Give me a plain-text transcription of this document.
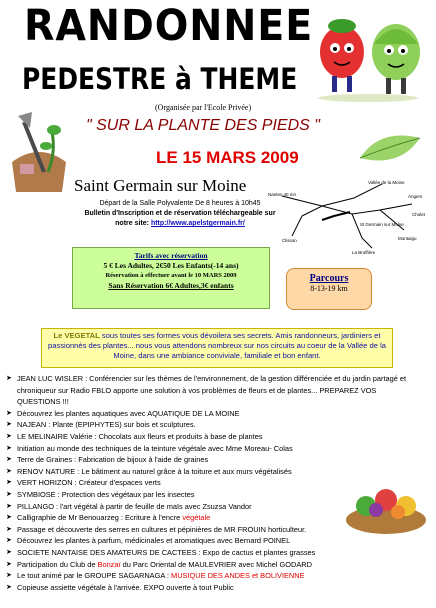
RANDONNEE
PEDESTRE à THEME
(Organisée par l'Ecole Privée)
" SUR LA PLANTE DES PIEDS "
LE 15 MARS 2009
Saint Germain sur Moine
Départ de la Salle Polyvalente De 8 heures à 10h45
Bulletin d'Inscription et de réservation téléchargeable sur
notre site: http://www.apelstgermain.fr/
Vallée de la Moine
Nantes 40 mn	Angers
Cholet
St Germain sur Moine
Clisson
La Bruffière
Montaigu
Tarifs avec réservation
5 € Les Adultes, 2€50 Les Enfants(-14 ans)
Réservation à effectuer avant le 10 MARS 2009
Sans Réservation 6€ Adultes,3€ enfants
Parcours
8-13-19 km
Le VEGETAL sous toutes ses formes vous dévoilera ses secrets. Amis randonneurs, jardiniers et passionnés des plantes... nous vous attendons nombreux sur nos circuits au coeur de la Vallée de la Moine, dans une ambiance conviviale, familiale et bon enfant.
➤ JEAN LUC WISLER : Conférencier sur les thèmes de l'environnement, de la gestion différenciée et du jardin partagé et chroniqueur sur Radio FBLO apporte une solution à vos problèmes de fleurs et de plantes... PREPAREZ VOS QUESTIONS !!!
➤ Découvrez les plantes aquatiques avec AQUATIQUE DE LA MOINE
➤ NAJEAN : Plante (EPIPHYTES) sur bois et sculptures.
➤ LE MELINAIRE Valérie : Chocolats aux fleurs et produits à base de plantes
➤ Initiation au monde des techniques de la teinture végétale avec Mme Moreau- Colas
➤ Terre de Graines : Fabrication de bijoux à l'aide de graines
➤ RENOV NATURE : Le bâtiment au naturel grâce à la toiture et aux murs végétalisés
➤ VERT HORIZON : Créateur d'espaces verts
➤ SYMBIOSE : Protection des végétaux par les insectes
➤ PILLANGO : l'art végétal à partir de feuille de maïs avec Zsuzsa Vandor
➤ Calligraphie de Mr Benouarzeg : Ecriture à l'encre végétale
➤ Passage et découverte des serres en cultures et pépinières de MR FROUIN horticulteur.
➤ Découvrez les plantes à parfum, médicinales et aromatiques avec Bernard POINEL
➤ SOCIETE NANTAISE DES AMATEURS DE CACTEES : Expo de cactus et plantes grasses
➤ Participation du Club de Bonzaï du Parc Oriental de MAULEVRIER avec Michel GODARD
➤ Le tout animé par le GROUPE SAGARNAGA : MUSIQUE DES ANDES et BOLIVIENNE
➤ Copieuse assiette végétale à l'arrivée. EXPO ouverte à tout Public
